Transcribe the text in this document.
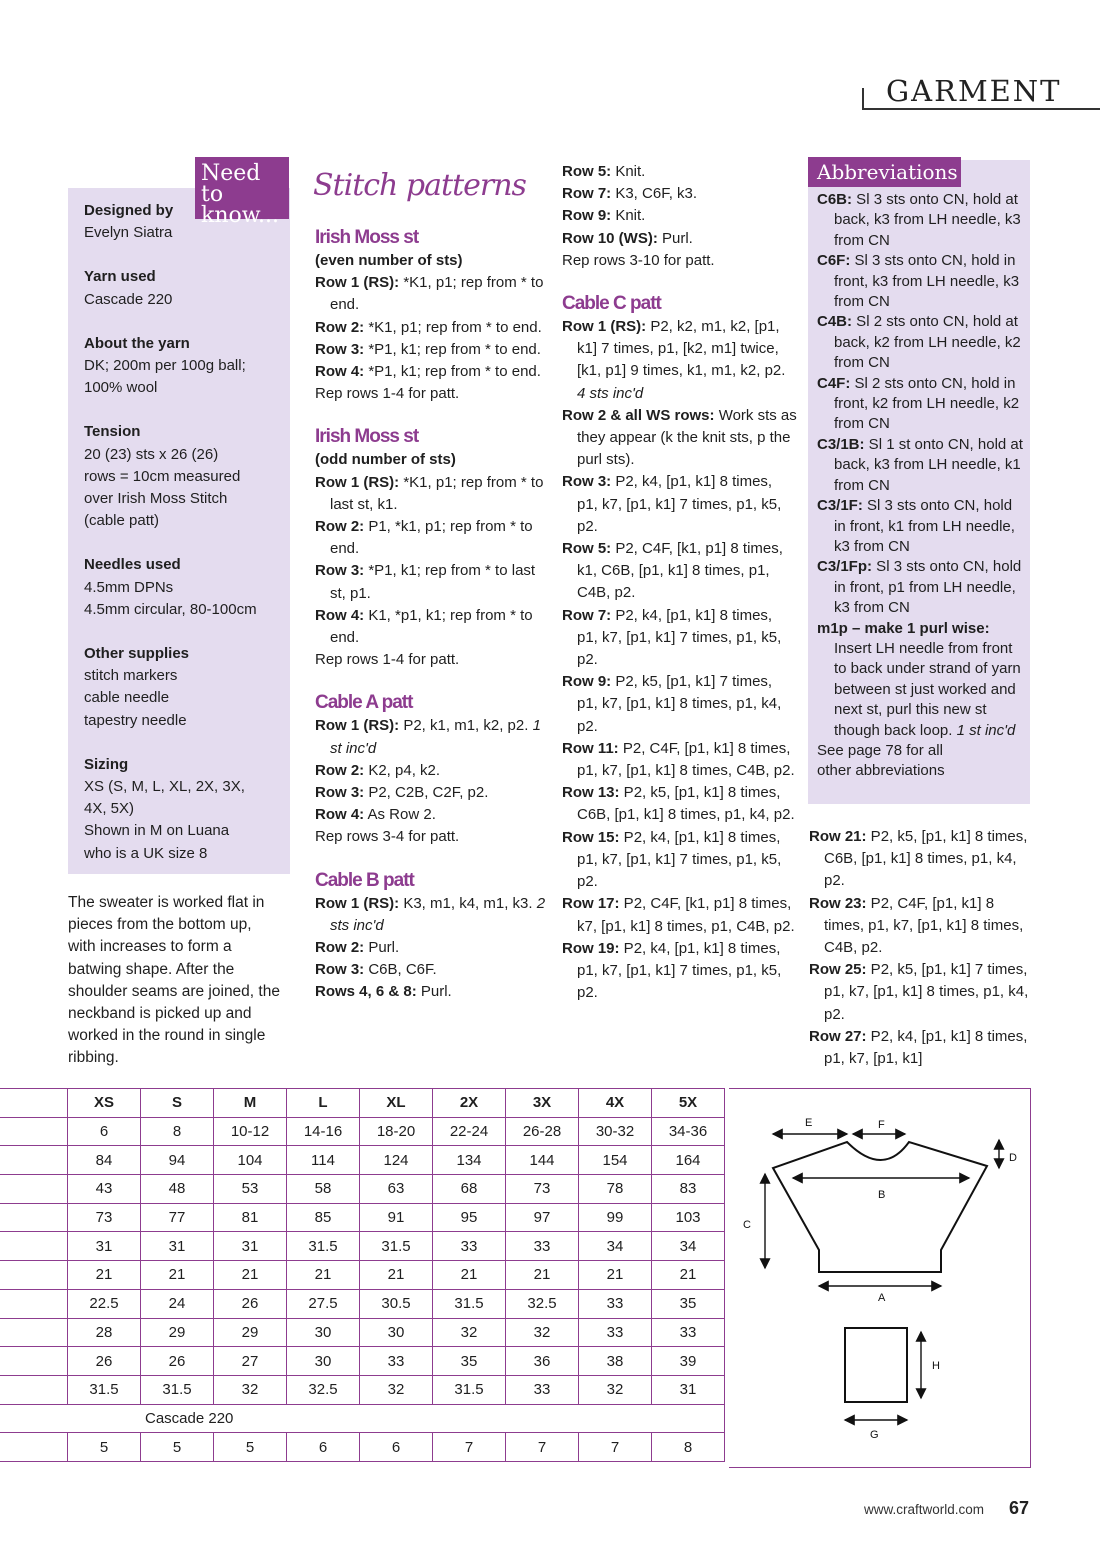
GARMENT
Need to know...
Designed by
Evelyn Siatra
Yarn used
Cascade 220
About the yarn
DK; 200m per 100g ball;
100% wool
Tension
20 (23) sts x 26 (26)
rows = 10cm measured
over Irish Moss Stitch
(cable patt)
Needles used
4.5mm DPNs
4.5mm circular, 80-100cm
Other supplies
stitch markers
cable needle
tapestry needle
Sizing
XS (S, M, L, XL, 2X, 3X,
4X, 5X)
Shown in M on Luana
who is a UK size 8
The sweater is worked flat in pieces from the bottom up, with increases to form a batwing shape. After the shoulder seams are joined, the neckband is picked up and worked in the round in single ribbing.
Stitch patterns
Irish Moss st
(even number of sts)
Row 1 (RS): *K1, p1; rep from * to end.
Row 2: *K1, p1; rep from * to end.
Row 3: *P1, k1; rep from * to end.
Row 4: *P1, k1; rep from * to end.
Rep rows 1-4 for patt.
Irish Moss st
(odd number of sts)
Row 1 (RS): *K1, p1; rep from * to last st, k1.
Row 2: P1, *k1, p1; rep from * to end.
Row 3: *P1, k1; rep from * to last st, p1.
Row 4: K1, *p1, k1; rep from * to end.
Rep rows 1-4 for patt.
Cable A patt
Row 1 (RS): P2, k1, m1, k2, p2. 1 st inc'd
Row 2: K2, p4, k2.
Row 3: P2, C2B, C2F, p2.
Row 4: As Row 2.
Rep rows 3-4 for patt.
Cable B patt
Row 1 (RS): K3, m1, k4, m1, k3. 2 sts inc'd
Row 2: Purl.
Row 3: C6B, C6F.
Rows 4, 6 & 8: Purl.
Row 5: Knit.
Row 7: K3, C6F, k3.
Row 9: Knit.
Row 10 (WS): Purl.
Rep rows 3-10 for patt.
Cable C patt
Row 1 (RS): P2, k2, m1, k2, [p1, k1] 7 times, p1, [k2, m1] twice, [k1, p1] 9 times, k1, m1, k2, p2. 4 sts inc'd
Row 2 & all WS rows: Work sts as they appear (k the knit sts, p the purl sts).
Row 3: P2, k4, [p1, k1] 8 times, p1, k7, [p1, k1] 7 times, p1, k5, p2.
Row 5: P2, C4F, [k1, p1] 8 times, k1, C6B, [p1, k1] 8 times, p1, C4B, p2.
Row 7: P2, k4, [p1, k1] 8 times, p1, k7, [p1, k1] 7 times, p1, k5, p2.
Row 9: P2, k5, [p1, k1] 7 times, p1, k7, [p1, k1] 8 times, p1, k4, p2.
Row 11: P2, C4F, [p1, k1] 8 times, p1, k7, [p1, k1] 8 times, C4B, p2.
Row 13: P2, k5, [p1, k1] 8 times, C6B, [p1, k1] 8 times, p1, k4, p2.
Row 15: P2, k4, [p1, k1] 8 times, p1, k7, [p1, k1] 7 times, p1, k5, p2.
Row 17: P2, C4F, [k1, p1] 8 times, k7, [p1, k1] 8 times, p1, C4B, p2.
Row 19: P2, k4, [p1, k1] 8 times, p1, k7, [p1, k1] 7 times, p1, k5, p2.
Abbreviations
C6B: Sl 3 sts onto CN, hold at back, k3 from LH needle, k3 from CN
C6F: Sl 3 sts onto CN, hold in front, k3 from LH needle, k3 from CN
C4B: Sl 2 sts onto CN, hold at back, k2 from LH needle, k2 from CN
C4F: Sl 2 sts onto CN, hold in front, k2 from LH needle, k2 from CN
C3/1B: Sl 1 st onto CN, hold at back, k3 from LH needle, k1 from CN
C3/1F: Sl 3 sts onto CN, hold in front, k1 from LH needle, k3 from CN
C3/1Fp: Sl 3 sts onto CN, hold in front, p1 from LH needle, k3 from CN
m1p – make 1 purl wise: Insert LH needle from front to back under strand of yarn between st just worked and next st, purl this new st though back loop. 1 st inc'd
See page 78 for all other abbreviations
Row 21: P2, k5, [p1, k1] 8 times, C6B, [p1, k1] 8 times, p1, k4, p2.
Row 23: P2, C4F, [p1, k1] 8 times, p1, k7, [p1, k1] 8 times, C4B, p2.
Row 25: P2, k5, [p1, k1] 7 times, p1, k7, [p1, k1] 8 times, p1, k4, p2.
Row 27: P2, k4, [p1, k1] 8 times, p1, k7, [p1, k1]
	XS	S	M	L	XL	2X	3X	4X	5X
	6	8	10-12	14-16	18-20	22-24	26-28	30-32	34-36
	84	94	104	114	124	134	144	154	164
	43	48	53	58	63	68	73	78	83
	73	77	81	85	91	95	97	99	103
	31	31	31	31.5	31.5	33	33	34	34
	21	21	21	21	21	21	21	21	21
	22.5	24	26	27.5	30.5	31.5	32.5	33	35
	28	29	29	30	30	32	32	33	33
	26	26	27	30	33	35	36	38	39
	31.5	31.5	32	32.5	32	31.5	33	32	31
Cascade 220									
	5	5	5	6	6	7	7	7	8
E	F
D
B
C
A
H
G
www.craftworld.com 67
